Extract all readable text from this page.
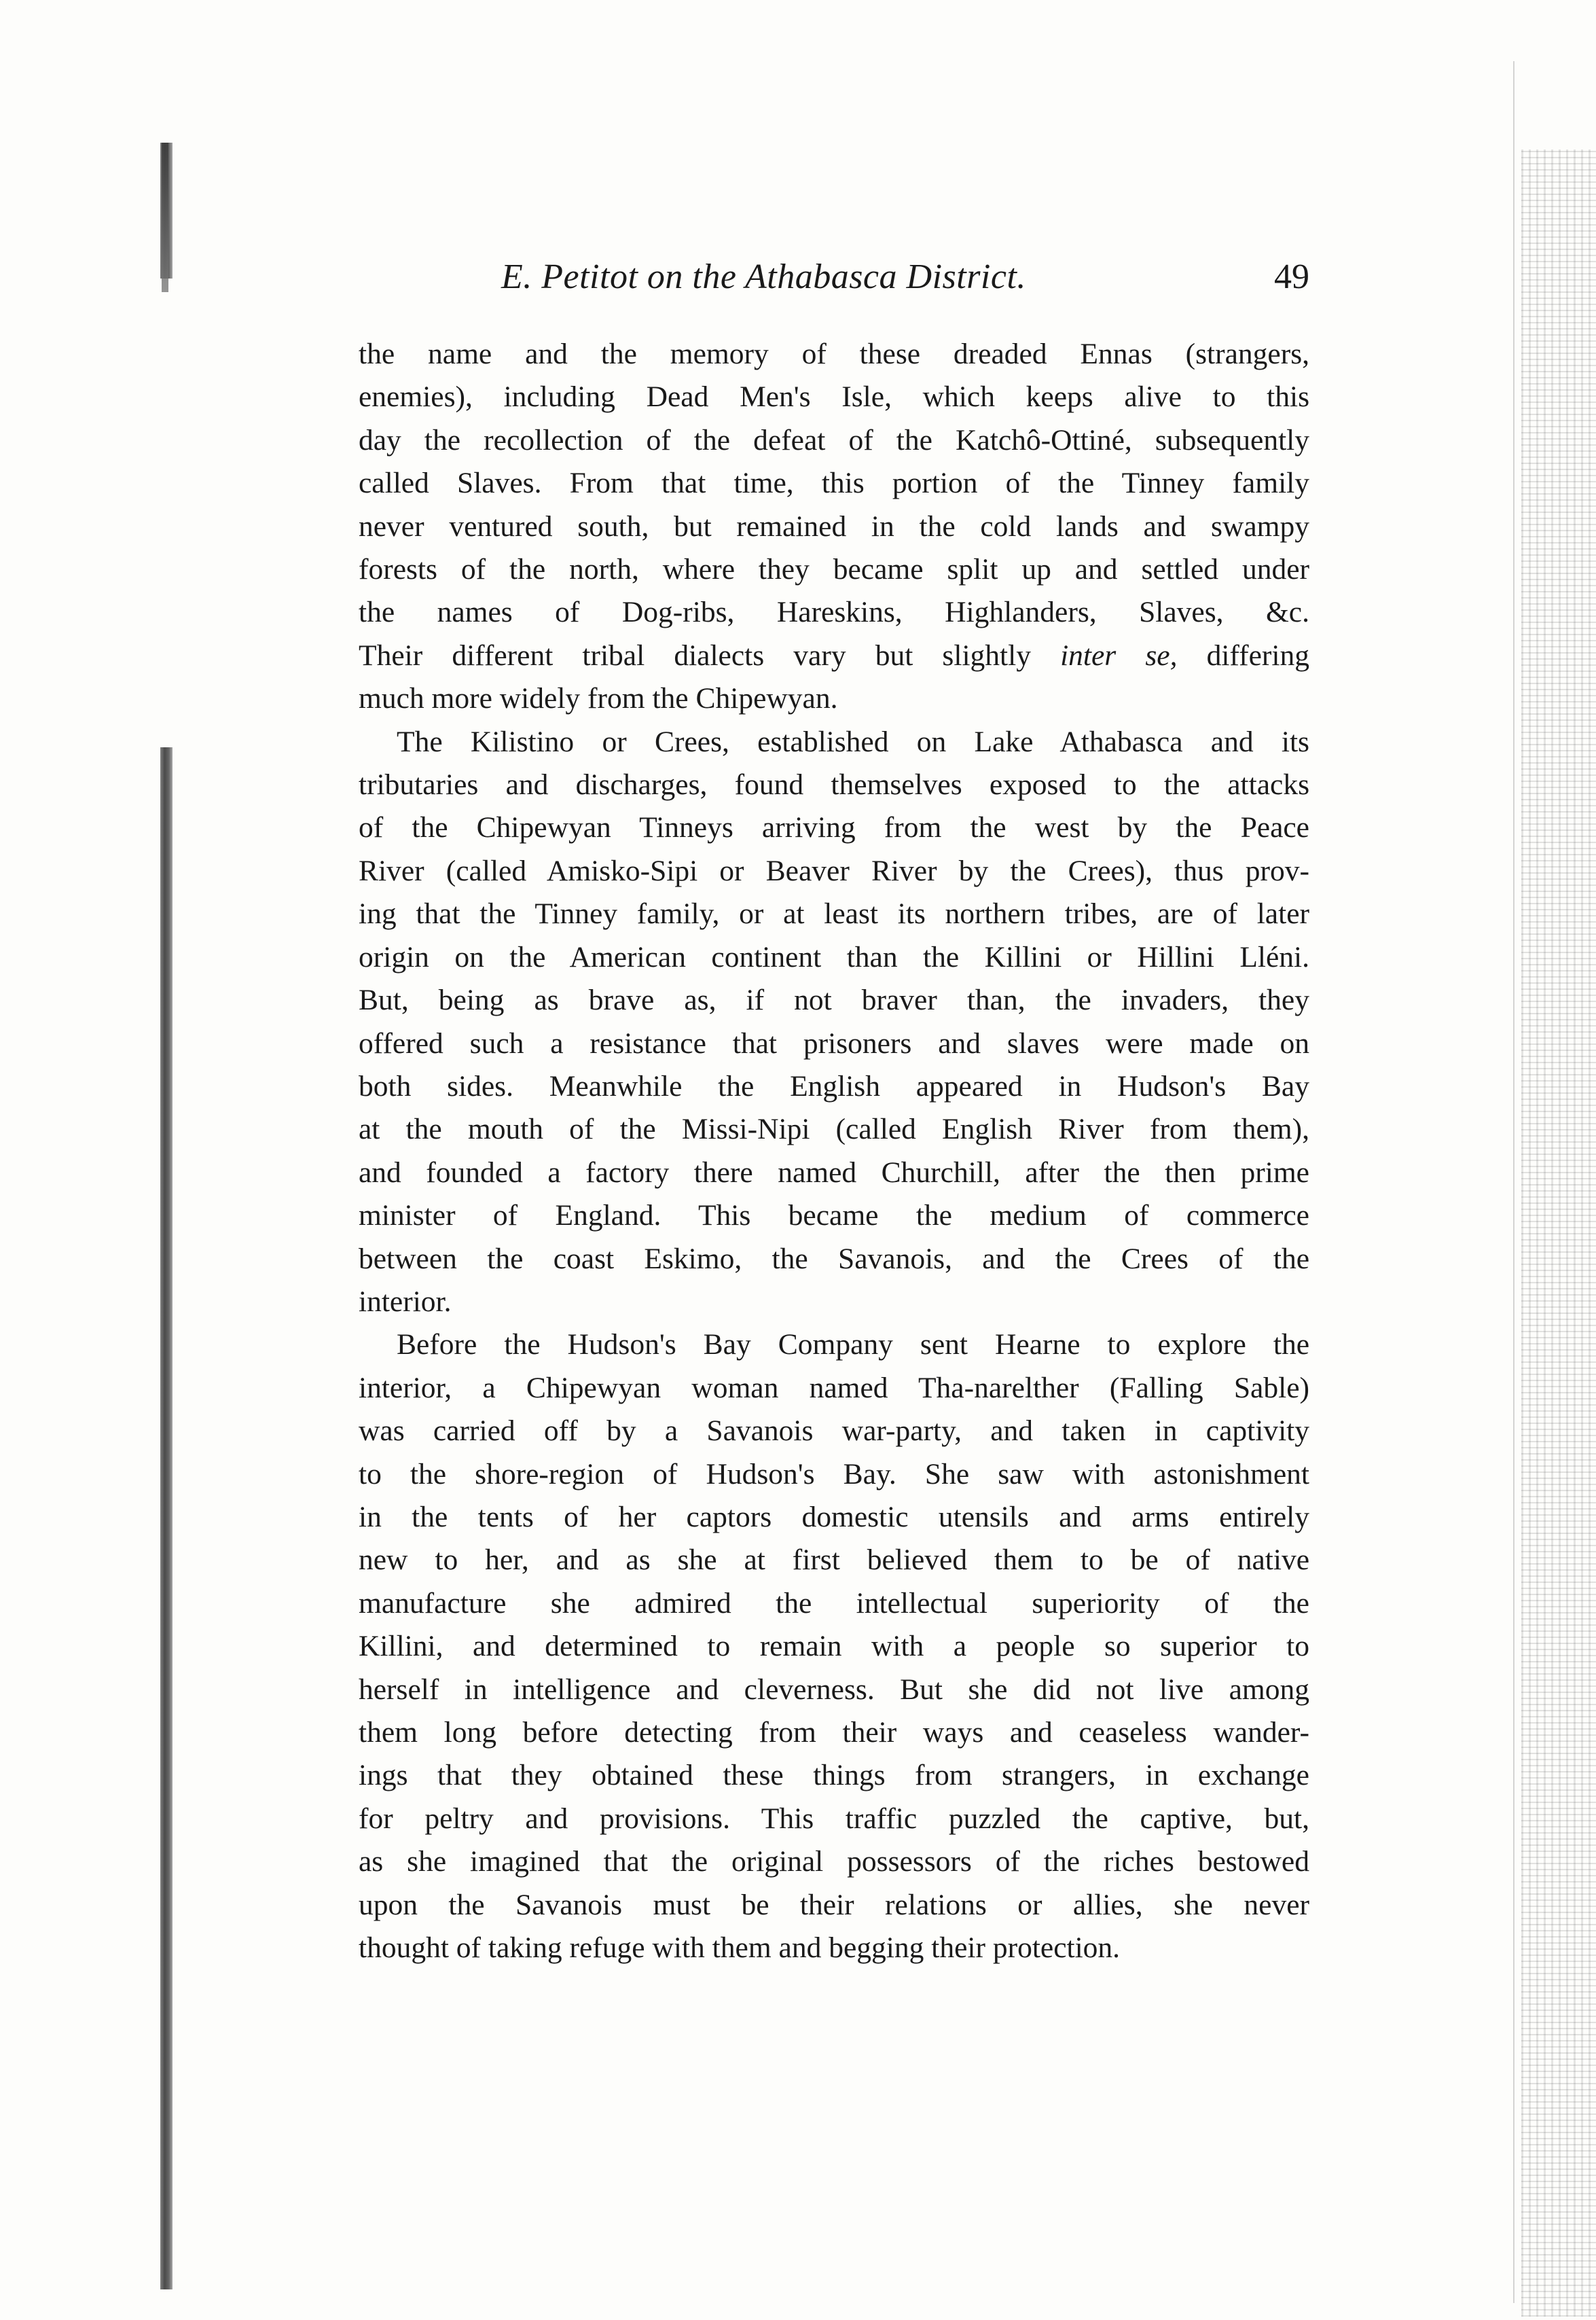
E. Petitot on the Athabasca District.	49

the name and the memory of these dreaded Ennas (strangers,
enemies), including Dead Men's Isle, which keeps alive to this
day the recollection of the defeat of the Katchô-Ottiné, subsequently
called Slaves. From that time, this portion of the Tinney family
never ventured south, but remained in the cold lands and swampy
forests of the north, where they became split up and settled under
the names of Dog-ribs, Hareskins, Highlanders, Slaves, &c.
Their different tribal dialects vary but slightly inter se, differing
much more widely from the Chipewyan.

The Kilistino or Crees, established on Lake Athabasca and its
tributaries and discharges, found themselves exposed to the attacks
of the Chipewyan Tinneys arriving from the west by the Peace
River (called Amisko-Sipi or Beaver River by the Crees), thus prov-
ing that the Tinney family, or at least its northern tribes, are of later
origin on the American continent than the Killini or Hillini Lléni.
But, being as brave as, if not braver than, the invaders, they
offered such a resistance that prisoners and slaves were made on
both sides. Meanwhile the English appeared in Hudson's Bay
at the mouth of the Missi-Nipi (called English River from them),
and founded a factory there named Churchill, after the then prime
minister of England. This became the medium of commerce
between the coast Eskimo, the Savanois, and the Crees of the
interior.

Before the Hudson's Bay Company sent Hearne to explore the
interior, a Chipewyan woman named Tha-narelther (Falling Sable)
was carried off by a Savanois war-party, and taken in captivity
to the shore-region of Hudson's Bay. She saw with astonishment
in the tents of her captors domestic utensils and arms entirely
new to her, and as she at first believed them to be of native
manufacture she admired the intellectual superiority of the
Killini, and determined to remain with a people so superior to
herself in intelligence and cleverness. But she did not live among
them long before detecting from their ways and ceaseless wander-
ings that they obtained these things from strangers, in exchange
for peltry and provisions. This traffic puzzled the captive, but,
as she imagined that the original possessors of the riches bestowed
upon the Savanois must be their relations or allies, she never
thought of taking refuge with them and begging their protection.
